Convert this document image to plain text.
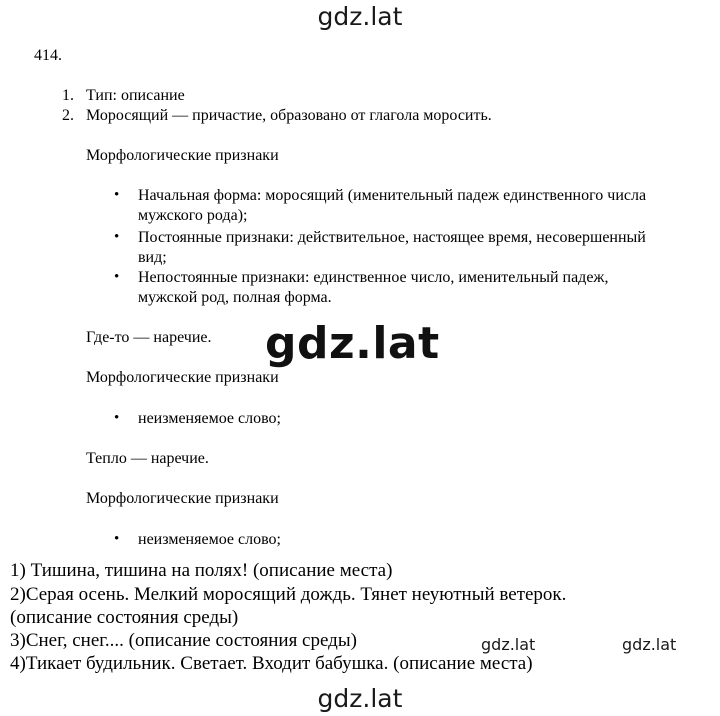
gdz.lat
414.
1. Тип: описание
2. Моросящий — причастие, образовано от глагола моросить.
Морфологические признаки
• Начальная форма: моросящий (именительный падеж единственного числа
мужского рода);
• Постоянные признаки: действительное, настоящее время, несовершенный
вид;
• Непостоянные признаки: единственное число, именительный падеж,
мужской род, полная форма.
Где-то — наречие.
Морфологические признаки
• неизменяемое слово;
gdz.lat
Тепло — наречие.
Морфологические признаки
• неизменяемое слово;
1) Тишина, тишина на полях! (описание места)
2)Серая осень. Мелкий моросящий дождь. Тянет неуютный ветерок.
(описание состояния среды)
3)Снег, снег.... (описание состояния среды)
4)Тикает будильник. Светает. Входит бабушка. (описание места)
gdz.lat	gdz.lat
gdz.lat
